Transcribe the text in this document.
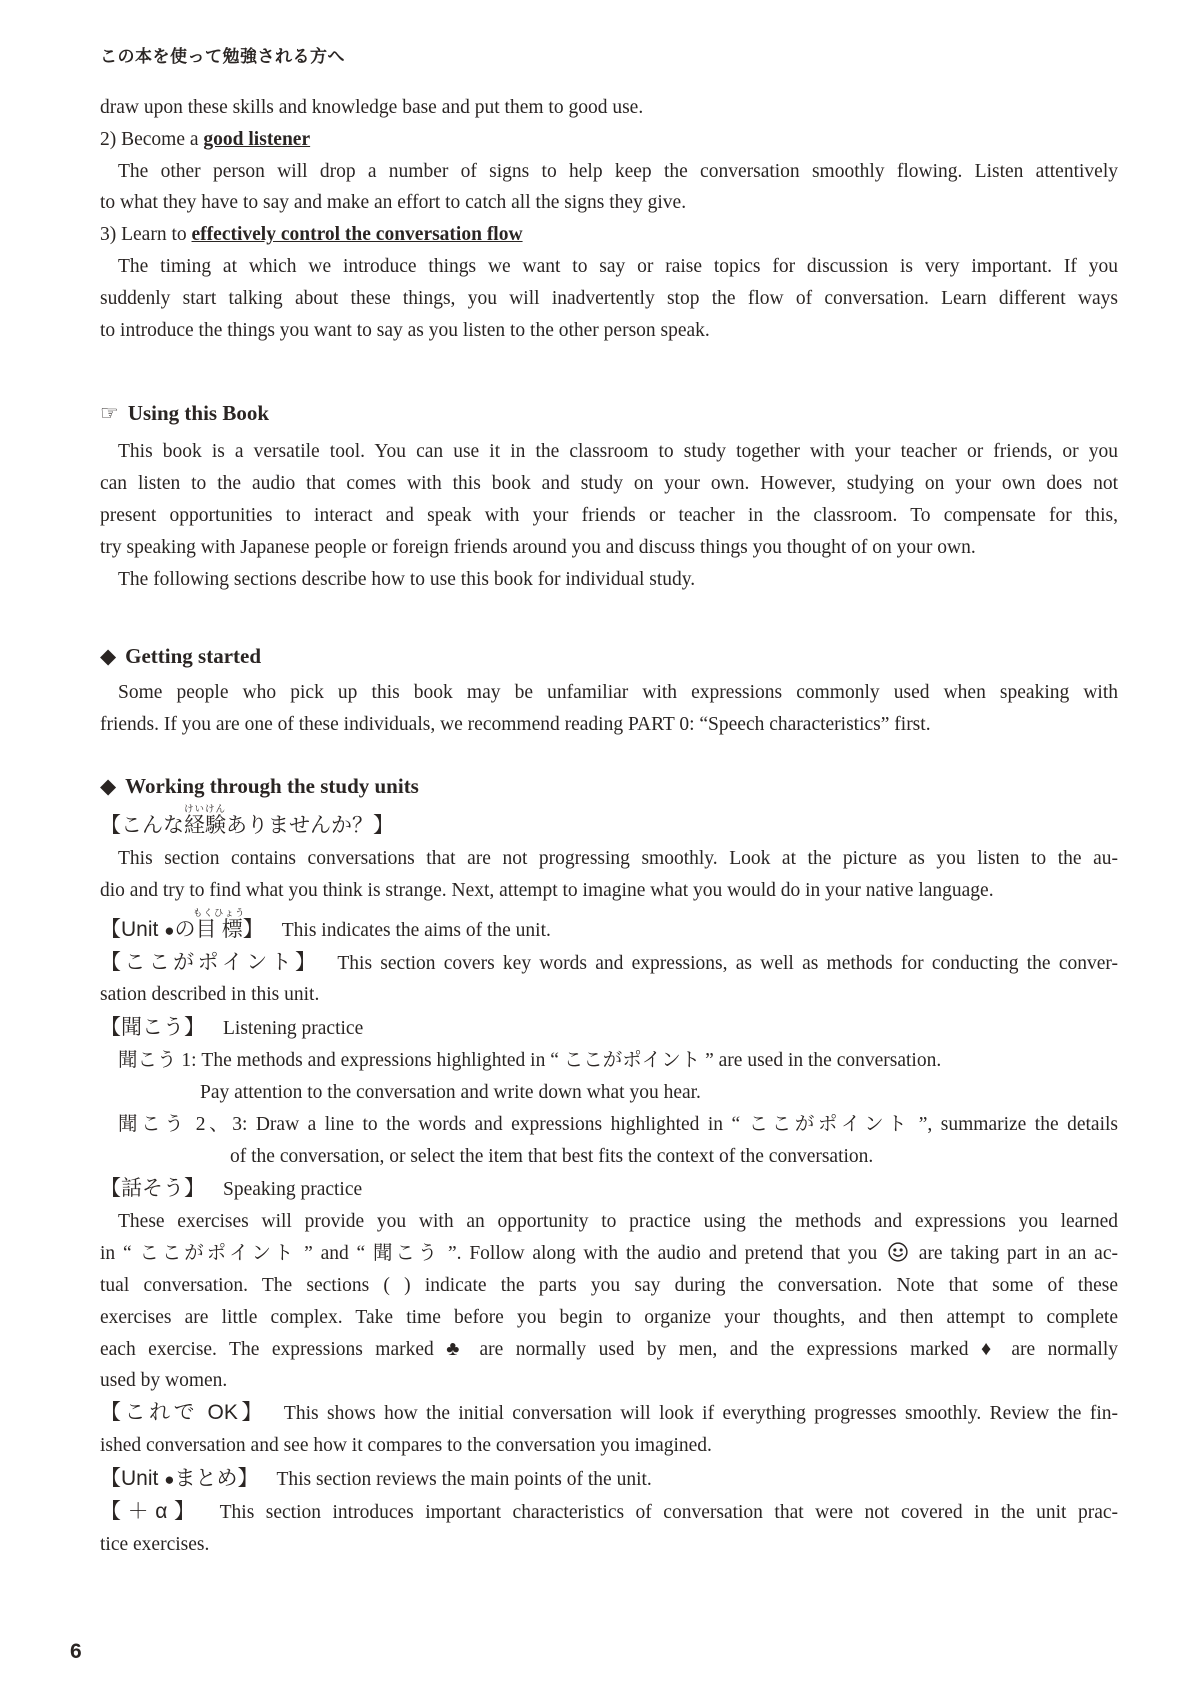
この本を使って勉強される方へ
draw upon these skills and knowledge base and put them to good use.
2) Become a good listener
The other person will drop a number of signs to help keep the conversation smoothly flowing. Listen attentively
to what they have to say and make an effort to catch all the signs they give.
3) Learn to effectively control the conversation flow
The timing at which we introduce things we want to say or raise topics for discussion is very important. If you
suddenly start talking about these things, you will inadvertently stop the flow of conversation. Learn different ways
to introduce the things you want to say as you listen to the other person speak.
☞ Using this Book
This book is a versatile tool. You can use it in the classroom to study together with your teacher or friends, or you
can listen to the audio that comes with this book and study on your own. However, studying on your own does not
present opportunities to interact and speak with your friends or teacher in the classroom. To compensate for this,
try speaking with Japanese people or foreign friends around you and discuss things you thought of on your own.
The following sections describe how to use this book for individual study.
◆ Getting started
Some people who pick up this book may be unfamiliar with expressions commonly used when speaking with
friends. If you are one of these individuals, we recommend reading PART 0: “Speech characteristics” first.
◆ Working through the study units
【こんな経験けいけんありませんか？】
This section contains conversations that are not progressing smoothly. Look at the picture as you listen to the au-
dio and try to find what you think is strange. Next, attempt to imagine what you would do in your native language.
【Unit ●の目標もくひょう】 This indicates the aims of the unit.
【ここがポイント】 This section covers key words and expressions, as well as methods for conducting the conver-
sation described in this unit.
【聞こう】 Listening practice
聞こう 1: The methods and expressions highlighted in “ ここがポイント ” are used in the conversation.
Pay attention to the conversation and write down what you hear.
聞こう 2、3: Draw a line to the words and expressions highlighted in “ ここがポイント ”, summarize the details
of the conversation, or select the item that best fits the context of the conversation.
【話そう】 Speaking practice
These exercises will provide you with an opportunity to practice using the methods and expressions you learned
in “ ここがポイント ” and “ 聞こう ”. Follow along with the audio and pretend that you  are taking part in an ac-
tual conversation. The sections ( ) indicate the parts you say during the conversation. Note that some of these
exercises are little complex. Take time before you begin to organize your thoughts, and then attempt to complete
each exercise. The expressions marked ♣ are normally used by men, and the expressions marked ♦ are normally
used by women.
【これで OK】 This shows how the initial conversation will look if everything progresses smoothly. Review the fin-
ished conversation and see how it compares to the conversation you imagined.
【Unit ●まとめ】 This section reviews the main points of the unit.
【＋α】 This section introduces important characteristics of conversation that were not covered in the unit prac-
tice exercises.
6
